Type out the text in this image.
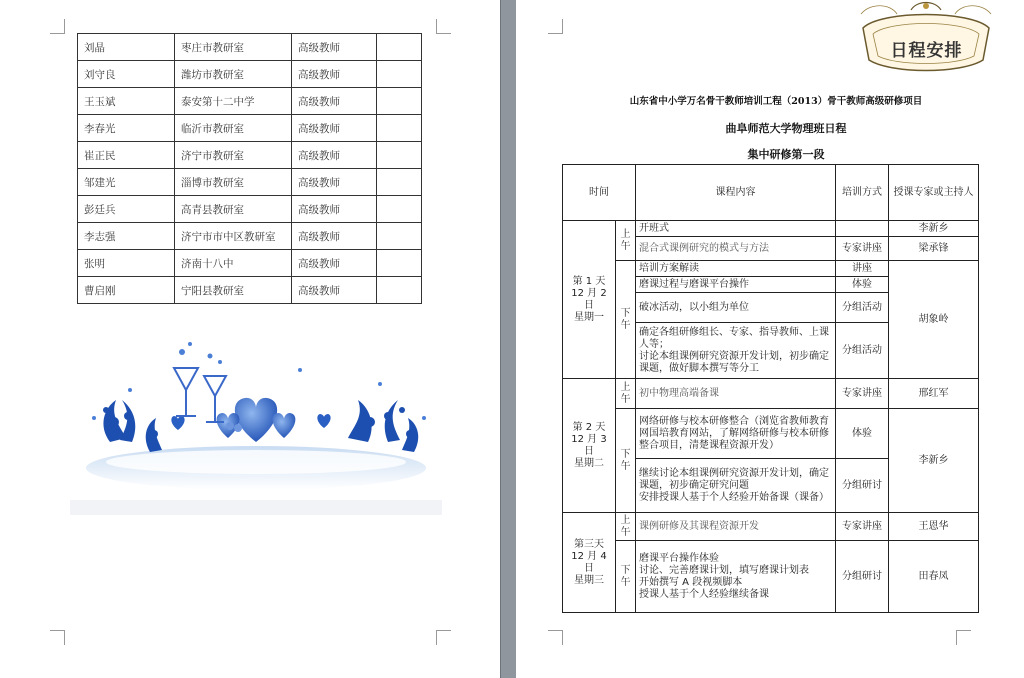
刘晶	枣庄市教研室	高级教师	
刘守良	潍坊市教研室	高级教师	
王玉斌	泰安第十二中学	高级教师	
李春光	临沂市教研室	高级教师	
崔正民	济宁市教研室	高级教师	
邹建光	淄博市教研室	高级教师	
彭廷兵	高青县教研室	高级教师	
李志强	济宁市市中区教研室	高级教师	
张明	济南十八中	高级教师	
曹启刚	宁阳县教研室	高级教师	
日程安排
山东省中小学万名骨干教师培训工程（2013）骨干教师高级研修项目
曲阜师范大学物理班日程
集中研修第一段
时间		课程内容	培训方式	授课专家或主持人
第 1 天
12 月 2
日
星期一	上午	开班式		李新乡
		混合式课例研究的模式与方法	专家讲座	梁承锋
	下午	培训方案解读	讲座	胡象岭
		磨课过程与磨课平台操作	体验	
		破冰活动，以小组为单位	分组活动	
		确定各组研修组长、专家、指导教师、上课人等；
讨论本组课例研究资源开发计划，初步确定课题，做好脚本撰写等分工	分组活动	
第 2 天
12 月 3
日
星期二	上午	初中物理高端备课	专家讲座	邢红军
	下午	网络研修与校本研修整合（浏览省教师教育网国培教育网站，了解网络研修与校本研修整合项目，清楚课程资源开发）	体验	李新乡
		继续讨论本组课例研究资源开发计划，确定课题，初步确定研究问题
安排授课人基于个人经验开始备课（课备）	分组研讨	
第三天
12 月 4
日
星期三	上午	课例研修及其课程资源开发	专家讲座	王恩华
	下午	磨课平台操作体验
讨论、完善磨课计划，填写磨课计划表
开始撰写 A 段视频脚本
授课人基于个人经验继续备课	分组研讨	田春凤
